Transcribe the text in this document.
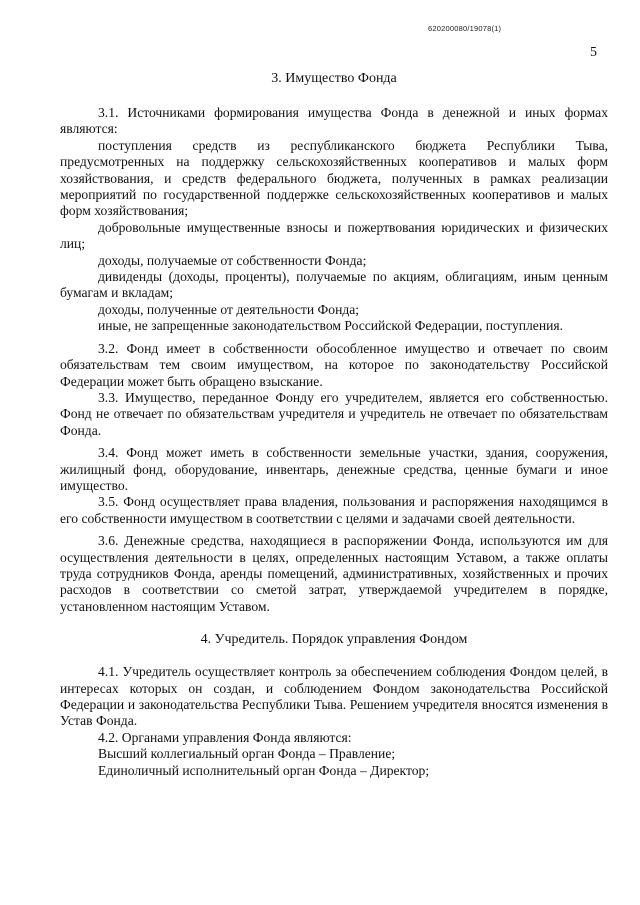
620200080/19078(1)
5

3. Имущество Фонда

3.1. Источниками формирования имущества Фонда в денежной и иных формах являются:

поступления средств из республиканского бюджета Республики Тыва, предусмотренных на поддержку сельскохозяйственных кооперативов и малых форм хозяйствования, и средств федерального бюджета, полученных в рамках реализации мероприятий по государственной поддержке сельскохозяйственных кооперативов и малых форм хозяйствования;

добровольные имущественные взносы и пожертвования юридических и физических лиц;

доходы, получаемые от собственности Фонда;

дивиденды (доходы, проценты), получаемые по акциям, облигациям, иным ценным бумагам и вкладам;

доходы, полученные от деятельности Фонда;

иные, не запрещенные законодательством Российской Федерации, поступления.

3.2. Фонд имеет в собственности обособленное имущество и отвечает по своим обязательствам тем своим имуществом, на которое по законодательству Российской Федерации может быть обращено взыскание.

3.3. Имущество, переданное Фонду его учредителем, является его собственностью. Фонд не отвечает по обязательствам учредителя и учредитель не отвечает по обязательствам Фонда.

3.4. Фонд может иметь в собственности земельные участки, здания, сооружения, жилищный фонд, оборудование, инвентарь, денежные средства, ценные бумаги и иное имущество.

3.5. Фонд осуществляет права владения, пользования и распоряжения находящимся в его собственности имуществом в соответствии с целями и задачами своей деятельности.

3.6. Денежные средства, находящиеся в распоряжении Фонда, используются им для осуществления деятельности в целях, определенных настоящим Уставом, а также оплаты труда сотрудников Фонда, аренды помещений, административных, хозяйственных и прочих расходов в соответствии со сметой затрат, утверждаемой учредителем в порядке, установленном настоящим Уставом.

4. Учредитель. Порядок управления Фондом

4.1. Учредитель осуществляет контроль за обеспечением соблюдения Фондом целей, в интересах которых он создан, и соблюдением Фондом законодательства Российской Федерации и законодательства Республики Тыва. Решением учредителя вносятся изменения в Устав Фонда.

4.2. Органами управления Фонда являются:

Высший коллегиальный орган Фонда – Правление;

Единоличный исполнительный орган Фонда – Директор;
